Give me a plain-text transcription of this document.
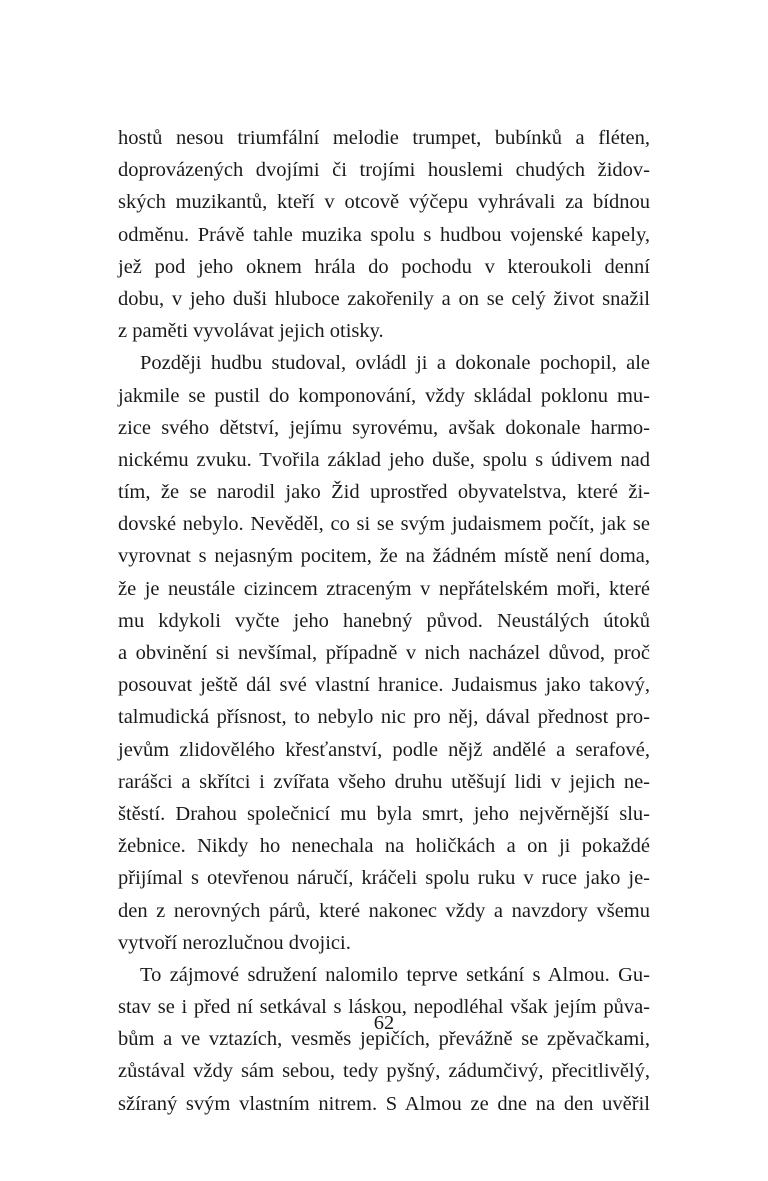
hostů nesou triumfální melodie trumpet, bubínků a fléten,
doprovázených dvojími či trojími houslemi chudých židov-
ských muzikantů, kteří v otcově výčepu vyhrávali za bídnou
odměnu. Právě tahle muzika spolu s hudbou vojenské kapely,
jež pod jeho oknem hrála do pochodu v kteroukoli denní
dobu, v jeho duši hluboce zakořenily a on se celý život snažil
z paměti vyvolávat jejich otisky.
Později hudbu studoval, ovládl ji a dokonale pochopil, ale
jakmile se pustil do komponování, vždy skládal poklonu mu-
zice svého dětství, jejímu syrovému, avšak dokonale harmo-
nickému zvuku. Tvořila základ jeho duše, spolu s údivem nad
tím, že se narodil jako Žid uprostřed obyvatelstva, které ži-
dovské nebylo. Nevěděl, co si se svým judaismem počít, jak se
vyrovnat s nejasným pocitem, že na žádném místě není doma,
že je neustále cizincem ztraceným v nepřátelském moři, které
mu kdykoli vyčte jeho hanebný původ. Neustálých útoků
a obvinění si nevšímal, případně v nich nacházel důvod, proč
posouvat ještě dál své vlastní hranice. Judaismus jako takový,
talmudická přísnost, to nebylo nic pro něj, dával přednost pro-
jevům zlidovělého křesťanství, podle nějž andělé a serafové,
rarášci a skřítci i zvířata všeho druhu utěšují lidi v jejich ne-
štěstí. Drahou společnicí mu byla smrt, jeho nejvěrnější slu-
žebnice. Nikdy ho nenechala na holičkách a on ji pokaždé
přijímal s otevřenou náručí, kráčeli spolu ruku v ruce jako je-
den z nerovných párů, které nakonec vždy a navzdory všemu
vytvoří nerozlučnou dvojici.
To zájmové sdružení nalomilo teprve setkání s Almou. Gu-
stav se i před ní setkával s láskou, nepodléhal však jejím půva-
bům a ve vztazích, vesměs jepičích, převážně se zpěvačkami,
zůstával vždy sám sebou, tedy pyšný, zádumčivý, přecitlivělý,
sžíraný svým vlastním nitrem. S Almou ze dne na den uvěřil
62
